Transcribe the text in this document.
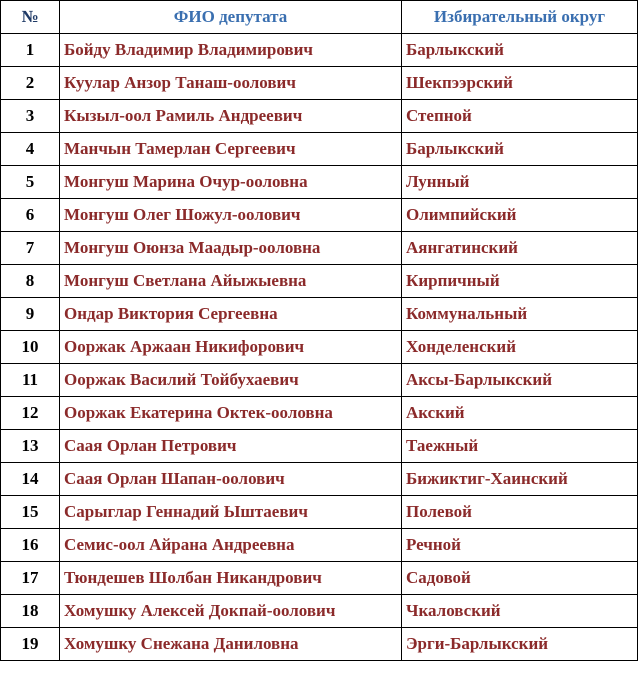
№	ФИО депутата	Избирательный округ
1	Бойду Владимир Владимирович	Барлыкский
2	Куулар Анзор Танаш-оолович	Шекпээрский
3	Кызыл-оол Рамиль Андреевич	Степной
4	Манчын Тамерлан Сергеевич	Барлыкский
5	Монгуш Марина Очур-ооловна	Лунный
6	Монгуш Олег Шожул-оолович	Олимпийский
7	Монгуш Оюнза Маадыр-ооловна	Аянгатинский
8	Монгуш Светлана Айыжыевна	Кирпичный
9	Ондар Виктория Сергеевна	Коммунальный
10	Ооржак Аржаан Никифорович	Хонделенский
11	Ооржак Василий Тойбухаевич	Аксы-Барлыкский
12	Ооржак Екатерина Октек-ооловна	Акский
13	Саая Орлан Петрович	Таежный
14	Саая Орлан Шапан-оолович	Бижиктиг-Хаинский
15	Сарыглар Геннадий Ыштаевич	Полевой
16	Семис-оол Айрана Андреевна	Речной
17	Тюндешев Шолбан Никандрович	Садовой
18	Хомушку Алексей Докпай-оолович	Чкаловский
19	Хомушку Снежана Даниловна	Эрги-Барлыкский
